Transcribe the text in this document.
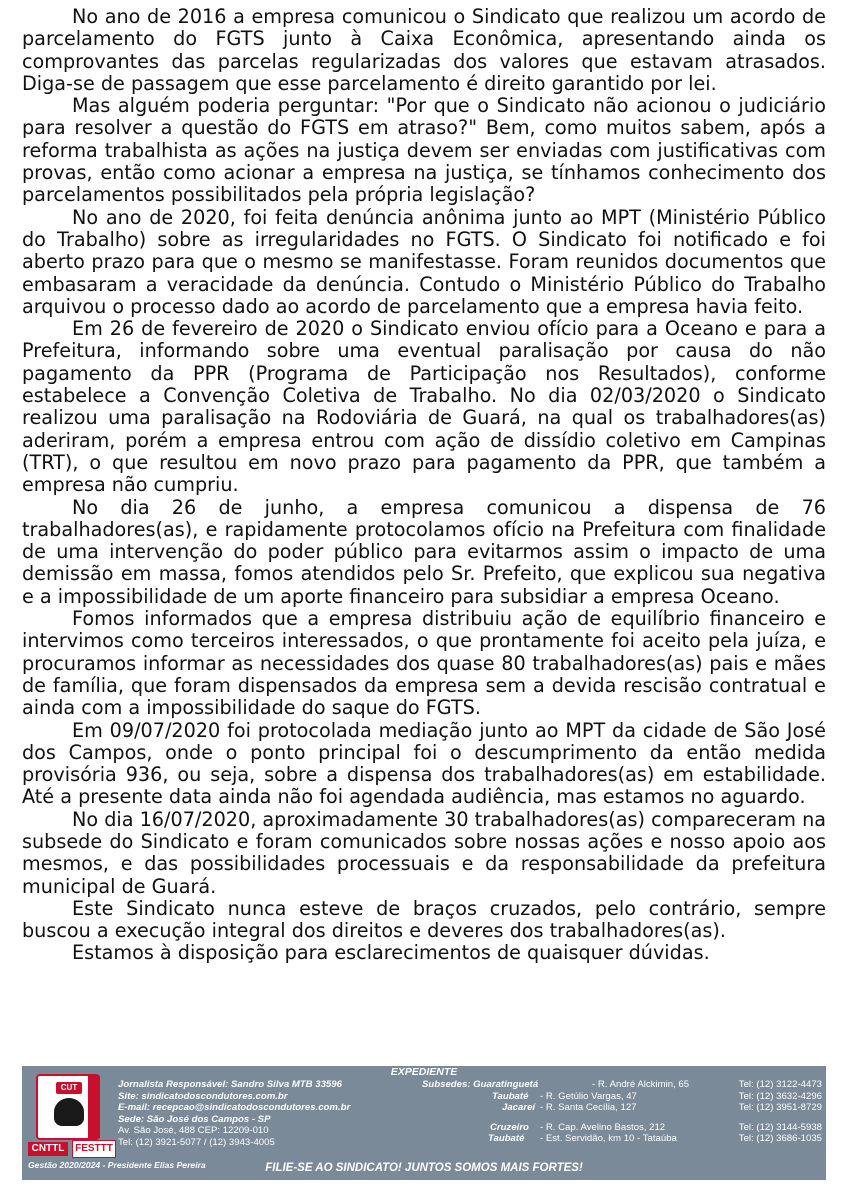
No ano de 2016 a empresa comunicou o Sindicato que realizou um acordo de parcelamento do FGTS junto à Caixa Econômica, apresentando ainda os comprovantes das parcelas regularizadas dos valores que estavam atrasados. Diga-se de passagem que esse parcelamento é direito garantido por lei.

Mas alguém poderia perguntar: "Por que o Sindicato não acionou o judiciário para resolver a questão do FGTS em atraso?" Bem, como muitos sabem, após a reforma trabalhista as ações na justiça devem ser enviadas com justificativas com provas, então como acionar a empresa na justiça, se tínhamos conhecimento dos parcelamentos possibilitados pela própria legislação?

No ano de 2020, foi feita denúncia anônima junto ao MPT (Ministério Público do Trabalho) sobre as irregularidades no FGTS. O Sindicato foi notificado e foi aberto prazo para que o mesmo se manifestasse. Foram reunidos documentos que embasaram a veracidade da denúncia. Contudo o Ministério Público do Trabalho arquivou o processo dado ao acordo de parcelamento que a empresa havia feito.

Em 26 de fevereiro de 2020 o Sindicato enviou ofício para a Oceano e para a Prefeitura, informando sobre uma eventual paralisação por causa do não pagamento da PPR (Programa de Participação nos Resultados), conforme estabelece a Convenção Coletiva de Trabalho. No dia 02/03/2020 o Sindicato realizou uma paralisação na Rodoviária de Guará, na qual os trabalhadores(as) aderiram, porém a empresa entrou com ação de dissídio coletivo em Campinas (TRT), o que resultou em novo prazo para pagamento da PPR, que também a empresa não cumpriu.

No dia 26 de junho, a empresa comunicou a dispensa de 76 trabalhadores(as), e rapidamente protocolamos ofício na Prefeitura com finalidade de uma intervenção do poder público para evitarmos assim o impacto de uma demissão em massa, fomos atendidos pelo Sr. Prefeito, que explicou sua negativa e a impossibilidade de um aporte financeiro para subsidiar a empresa Oceano.

Fomos informados que a empresa distribuiu ação de equilíbrio financeiro e intervimos como terceiros interessados, o que prontamente foi aceito pela juíza, e procuramos informar as necessidades dos quase 80 trabalhadores(as) pais e mães de família, que foram dispensados da empresa sem a devida rescisão contratual e ainda com a impossibilidade do saque do FGTS.

Em 09/07/2020 foi protocolada mediação junto ao MPT da cidade de São José dos Campos, onde o ponto principal foi o descumprimento da então medida provisória 936, ou seja, sobre a dispensa dos trabalhadores(as) em estabilidade. Até a presente data ainda não foi agendada audiência, mas estamos no aguardo.

No dia 16/07/2020, aproximadamente 30 trabalhadores(as) compareceram na subsede do Sindicato e foram comunicados sobre nossas ações e nosso apoio aos mesmos, e das possibilidades processuais e da responsabilidade da prefeitura municipal de Guará.

Este Sindicato nunca esteve de braços cruzados, pelo contrário, sempre buscou a execução integral dos direitos e deveres dos trabalhadores(as).

Estamos à disposição para esclarecimentos de quaisquer dúvidas.

EXPEDIENTE
CUT
CNTTL	FESTTT
Gestão 2020/2024 - Presidente Elias Pereira
Jornalista Responsável: Sandro Silva MTB 33596
Site: sindicatodoscondutores.com.br
E-mail: recepcao@sindicatodoscondutores.com.br
Sede: São José dos Campos - SP
Av. São José, 488 CEP: 12209-010
Tel: (12) 3921-5077 / (12) 3943-4005
Subsedes: Guaratinguetá	- R. André Alckimin, 65	Tel: (12) 3122-4473
Taubaté - R. Getúlio Vargas, 47	Tel: (12) 3632-4296
Jacareí - R. Santa Cecília, 127	Tel: (12) 3951-8729
Cruzeiro - R. Cap. Avelino Bastos, 212	Tel: (12) 3144-5938
Taubaté - Est. Servidão, km 10 - Tataúba	Tel: (12) 3686-1035
FILIE-SE AO SINDICATO! JUNTOS SOMOS MAIS FORTES!
